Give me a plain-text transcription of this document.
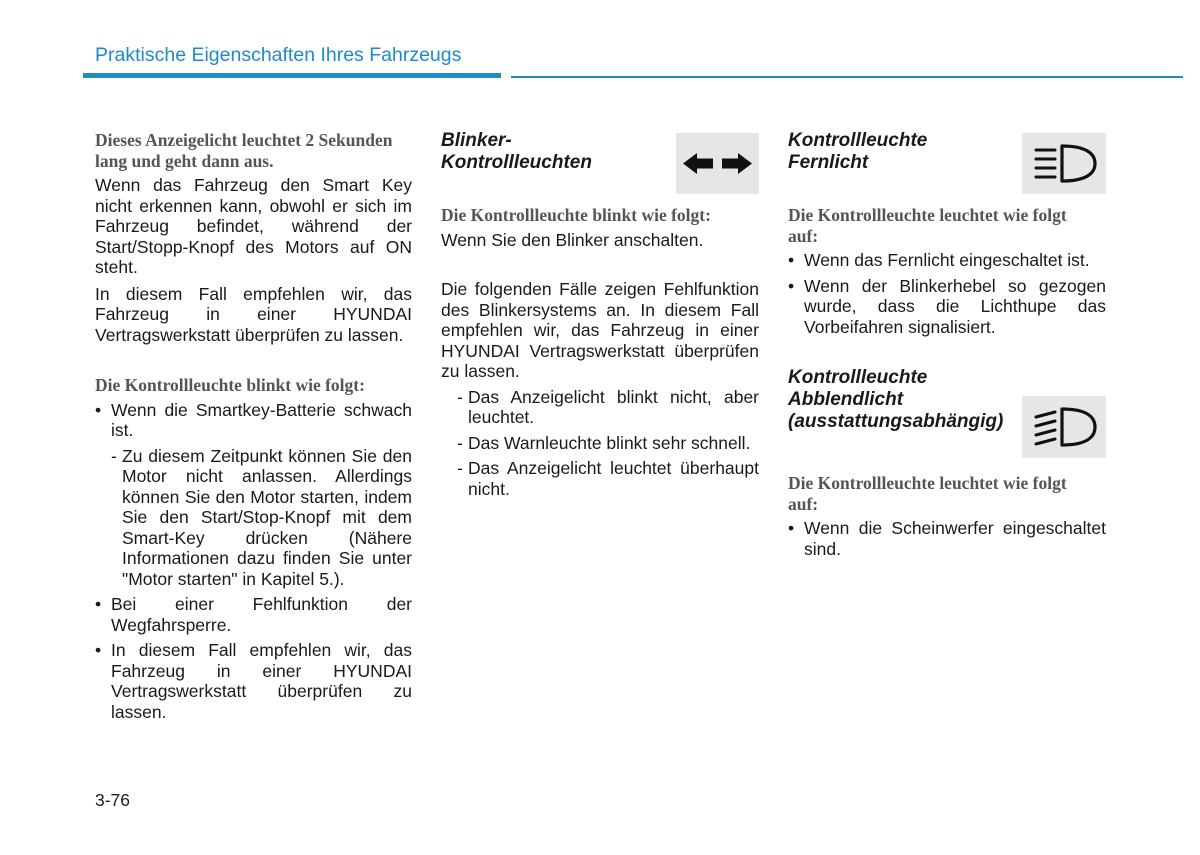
Praktische Eigenschaften Ihres Fahrzeugs

Dieses Anzeigelicht leuchtet 2 Sekunden lang und geht dann aus.

Wenn das Fahrzeug den Smart Key nicht erkennen kann, obwohl er sich im Fahrzeug befindet, während der Start/Stopp-Knopf des Motors auf ON steht.

In diesem Fall empfehlen wir, das Fahrzeug in einer HYUNDAI Vertragswerkstatt überprüfen zu lassen.

Die Kontrollleuchte blinkt wie folgt:

• Wenn die Smartkey-Batterie schwach ist.
- Zu diesem Zeitpunkt können Sie den Motor nicht anlassen. Allerdings können Sie den Motor starten, indem Sie den Start/Stop-Knopf mit dem Smart-Key drücken (Nähere Informationen dazu finden Sie unter "Motor starten" in Kapitel 5.).
• Bei einer Fehlfunktion der Wegfahrsperre.
• In diesem Fall empfehlen wir, das Fahrzeug in einer HYUNDAI Vertragswerkstatt überprüfen zu lassen.

Blinker-Kontrollleuchten

Die Kontrollleuchte blinkt wie folgt:

Wenn Sie den Blinker anschalten.

Die folgenden Fälle zeigen Fehlfunktion des Blinkersystems an. In diesem Fall empfehlen wir, das Fahrzeug in einer HYUNDAI Vertragswerkstatt überprüfen zu lassen.

- Das Anzeigelicht blinkt nicht, aber leuchtet.
- Das Warnleuchte blinkt sehr schnell.
- Das Anzeigelicht leuchtet überhaupt nicht.

Kontrollleuchte Fernlicht

Die Kontrollleuchte leuchtet wie folgt auf:

• Wenn das Fernlicht eingeschaltet ist.
• Wenn der Blinkerhebel so gezogen wurde, dass die Lichthupe das Vorbeifahren signalisiert.

Kontrollleuchte Abblendlicht (ausstattungsabhängig)

Die Kontrollleuchte leuchtet wie folgt auf:

• Wenn die Scheinwerfer eingeschaltet sind.
3-76
